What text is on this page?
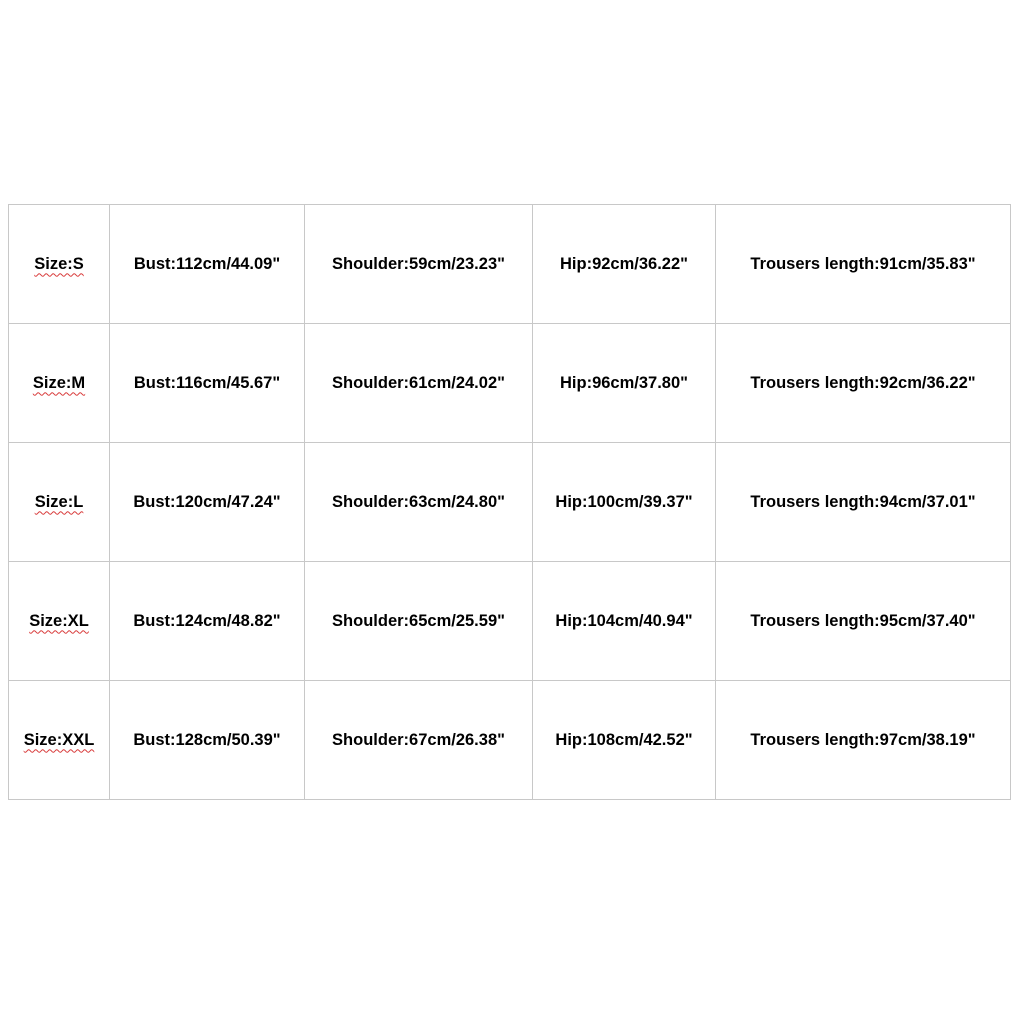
Size:S	Bust:112cm/44.09"	Shoulder:59cm/23.23"	Hip:92cm/36.22"	Trousers length:91cm/35.83"
Size:M	Bust:116cm/45.67"	Shoulder:61cm/24.02"	Hip:96cm/37.80"	Trousers length:92cm/36.22"
Size:L	Bust:120cm/47.24"	Shoulder:63cm/24.80"	Hip:100cm/39.37"	Trousers length:94cm/37.01"
Size:XL	Bust:124cm/48.82"	Shoulder:65cm/25.59"	Hip:104cm/40.94"	Trousers length:95cm/37.40"
Size:XXL	Bust:128cm/50.39"	Shoulder:67cm/26.38"	Hip:108cm/42.52"	Trousers length:97cm/38.19"
